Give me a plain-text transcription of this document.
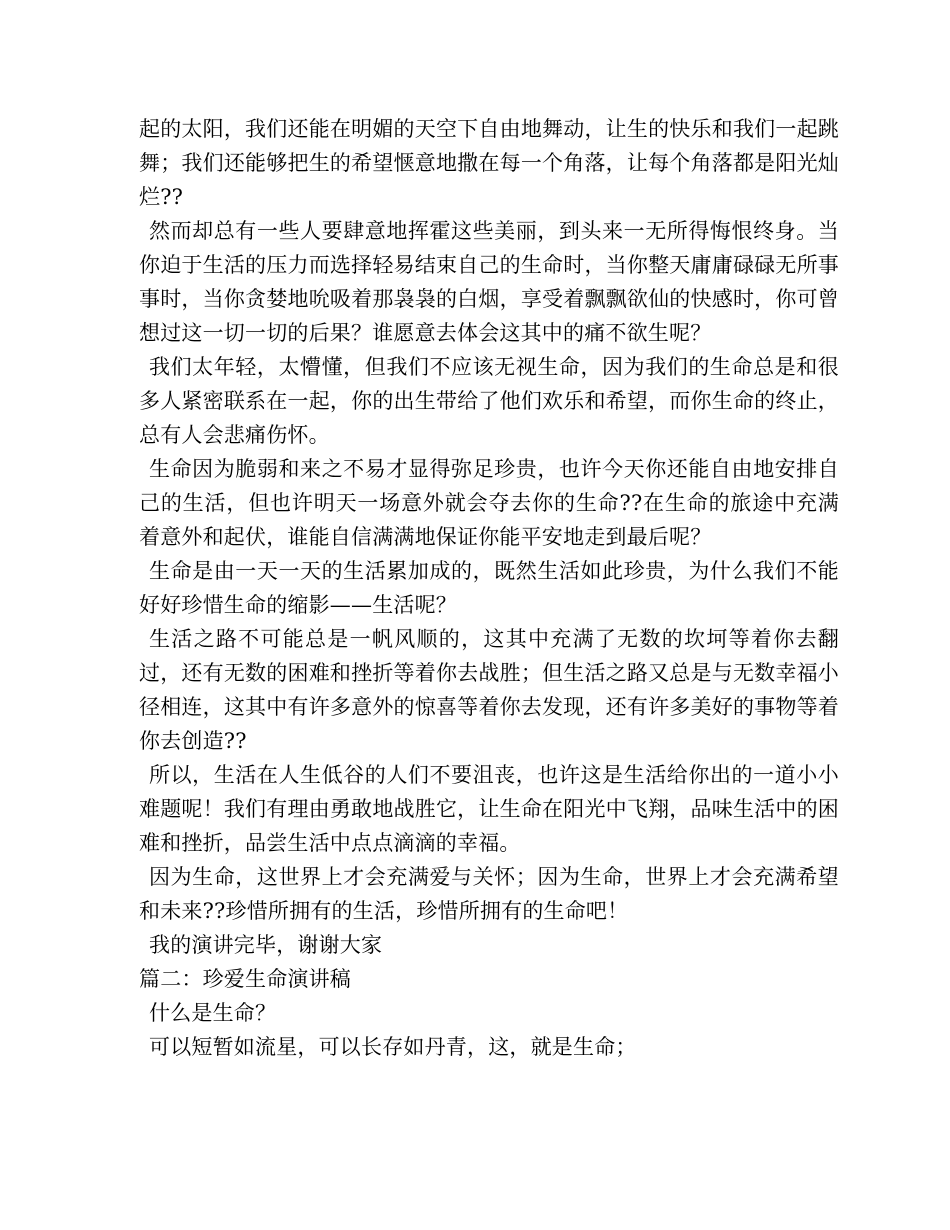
起的太阳，我们还能在明媚的天空下自由地舞动，让生的快乐和我们一起跳舞；我们还能够把生的希望惬意地撒在每一个角落，让每个角落都是阳光灿烂??

然而却总有一些人要肆意地挥霍这些美丽，到头来一无所得悔恨终身。当你迫于生活的压力而选择轻易结束自己的生命时，当你整天庸庸碌碌无所事事时，当你贪婪地吮吸着那袅袅的白烟，享受着飘飘欲仙的快感时，你可曾想过这一切一切的后果？谁愿意去体会这其中的痛不欲生呢？

我们太年轻，太懵懂，但我们不应该无视生命，因为我们的生命总是和很多人紧密联系在一起，你的出生带给了他们欢乐和希望，而你生命的终止，总有人会悲痛伤怀。

生命因为脆弱和来之不易才显得弥足珍贵，也许今天你还能自由地安排自己的生活，但也许明天一场意外就会夺去你的生命??在生命的旅途中充满着意外和起伏，谁能自信满满地保证你能平安地走到最后呢？

生命是由一天一天的生活累加成的，既然生活如此珍贵，为什么我们不能好好珍惜生命的缩影——生活呢？

生活之路不可能总是一帆风顺的，这其中充满了无数的坎坷等着你去翻过，还有无数的困难和挫折等着你去战胜；但生活之路又总是与无数幸福小径相连，这其中有许多意外的惊喜等着你去发现，还有许多美好的事物等着你去创造??

所以，生活在人生低谷的人们不要沮丧，也许这是生活给你出的一道小小难题呢！我们有理由勇敢地战胜它，让生命在阳光中飞翔，品味生活中的困难和挫折，品尝生活中点点滴滴的幸福。

因为生命，这世界上才会充满爱与关怀；因为生命，世界上才会充满希望和未来??珍惜所拥有的生活，珍惜所拥有的生命吧！

我的演讲完毕，谢谢大家

篇二：珍爱生命演讲稿

什么是生命？

可以短暂如流星，可以长存如丹青，这，就是生命；
